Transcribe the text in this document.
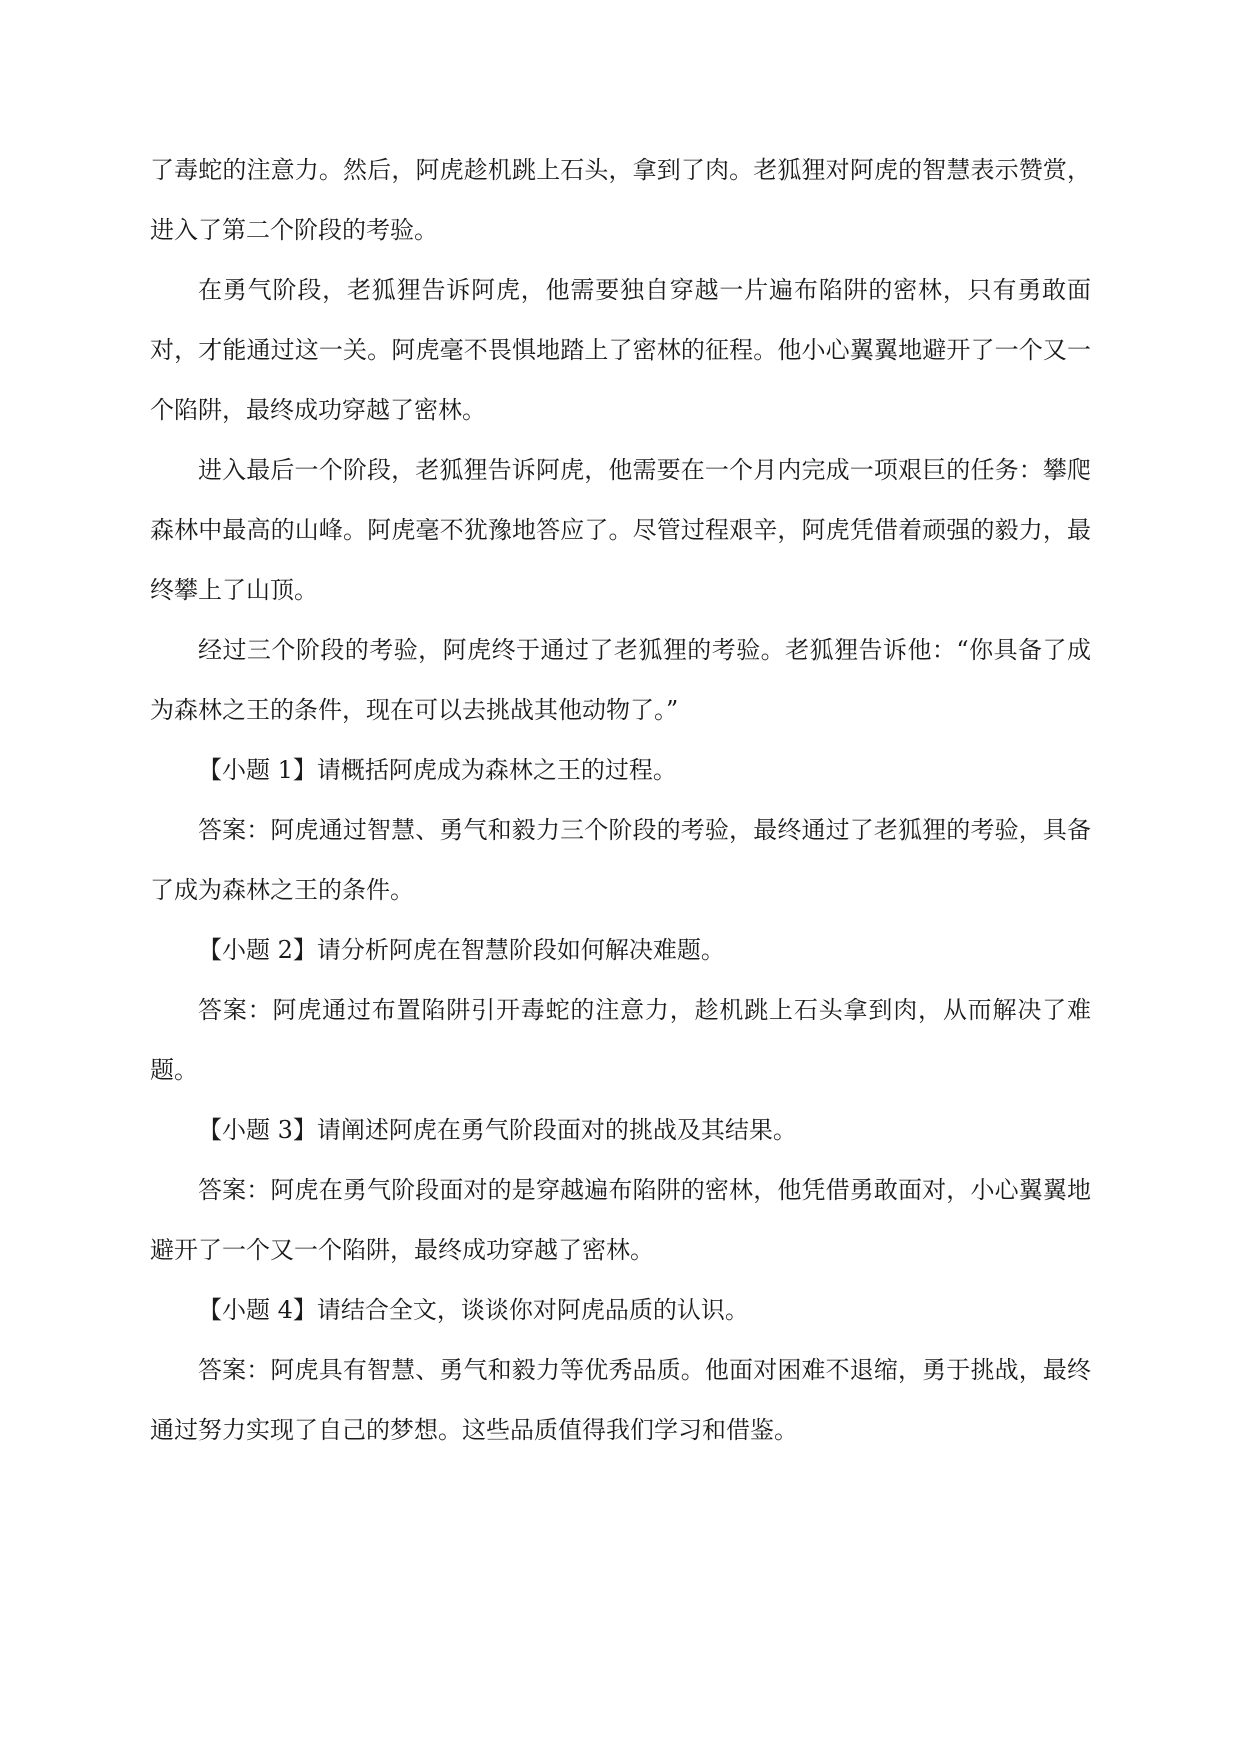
了毒蛇的注意力。然后，阿虎趁机跳上石头，拿到了肉。老狐狸对阿虎的智慧表示赞赏，进入了第二个阶段的考验。

在勇气阶段，老狐狸告诉阿虎，他需要独自穿越一片遍布陷阱的密林，只有勇敢面对，才能通过这一关。阿虎毫不畏惧地踏上了密林的征程。他小心翼翼地避开了一个又一个陷阱，最终成功穿越了密林。

进入最后一个阶段，老狐狸告诉阿虎，他需要在一个月内完成一项艰巨的任务：攀爬森林中最高的山峰。阿虎毫不犹豫地答应了。尽管过程艰辛，阿虎凭借着顽强的毅力，最终攀上了山顶。

经过三个阶段的考验，阿虎终于通过了老狐狸的考验。老狐狸告诉他：“你具备了成为森林之王的条件，现在可以去挑战其他动物了。”

【小题 1】请概括阿虎成为森林之王的过程。

答案：阿虎通过智慧、勇气和毅力三个阶段的考验，最终通过了老狐狸的考验，具备了成为森林之王的条件。

【小题 2】请分析阿虎在智慧阶段如何解决难题。

答案：阿虎通过布置陷阱引开毒蛇的注意力，趁机跳上石头拿到肉，从而解决了难题。

【小题 3】请阐述阿虎在勇气阶段面对的挑战及其结果。

答案：阿虎在勇气阶段面对的是穿越遍布陷阱的密林，他凭借勇敢面对，小心翼翼地避开了一个又一个陷阱，最终成功穿越了密林。

【小题 4】请结合全文，谈谈你对阿虎品质的认识。

答案：阿虎具有智慧、勇气和毅力等优秀品质。他面对困难不退缩，勇于挑战，最终通过努力实现了自己的梦想。这些品质值得我们学习和借鉴。
